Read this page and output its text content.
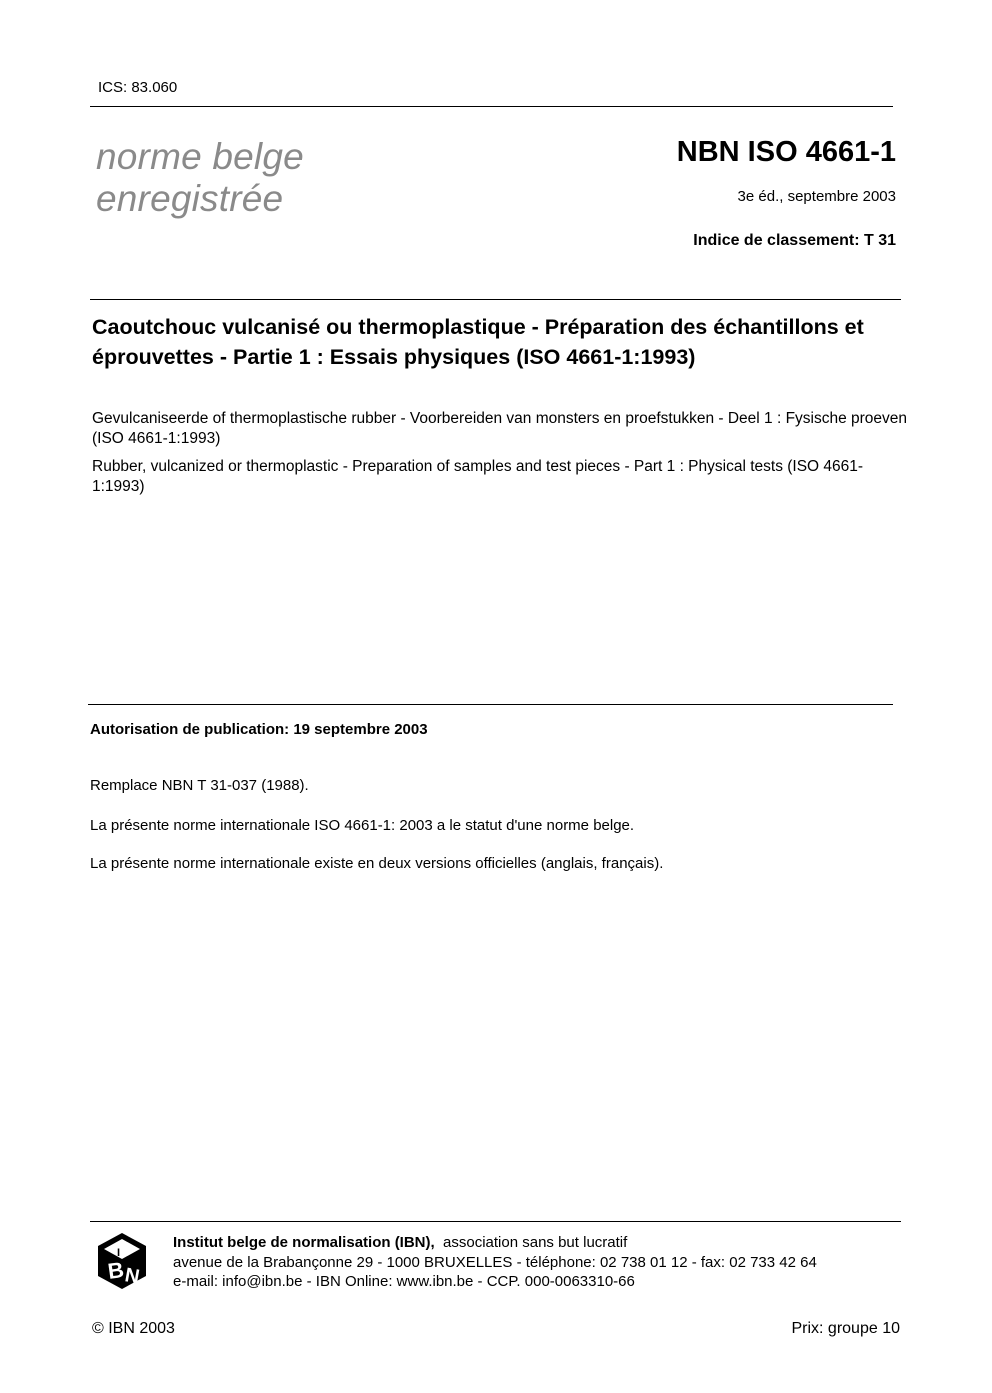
ICS: 83.060
norme belge
enregistrée
NBN ISO 4661-1
3e éd., septembre 2003
Indice de classement: T 31
Caoutchouc vulcanisé ou thermoplastique - Préparation des échantillons et éprouvettes - Partie 1 : Essais physiques (ISO 4661-1:1993)
Gevulcaniseerde of thermoplastische rubber - Voorbereiden van monsters en proefstukken - Deel 1 : Fysische proeven (ISO 4661-1:1993)
Rubber, vulcanized or thermoplastic - Preparation of samples and test pieces - Part 1 : Physical tests (ISO 4661-1:1993)
Autorisation de publication: 19 septembre 2003
Remplace NBN T 31-037 (1988).
La présente norme internationale ISO 4661-1: 2003 a le statut d'une norme belge.
La présente norme internationale existe en deux versions officielles (anglais, français).
B
N
I
Institut belge de normalisation (IBN), association sans but lucratif
avenue de la Brabançonne 29 - 1000 BRUXELLES - téléphone: 02 738 01 12 - fax: 02 733 42 64
e-mail: info@ibn.be - IBN Online: www.ibn.be - CCP. 000-0063310-66
© IBN 2003	Prix: groupe 10
